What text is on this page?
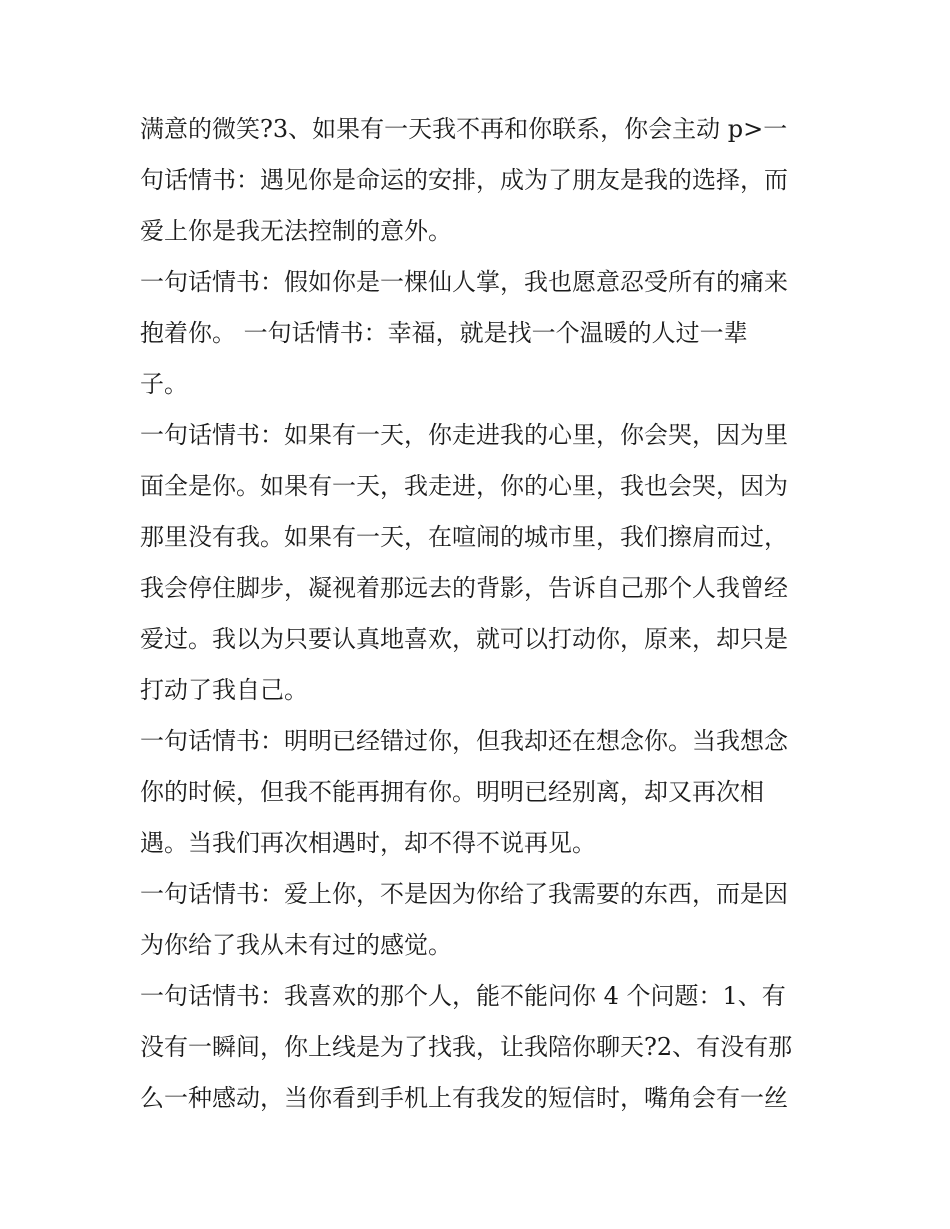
满意的微笑?3、如果有一天我不再和你联系，你会主动 p>一
句话情书：遇见你是命运的安排，成为了朋友是我的选择，而
爱上你是我无法控制的意外。
一句话情书：假如你是一棵仙人掌，我也愿意忍受所有的痛来
抱着你。 一句话情书：幸福，就是找一个温暖的人过一辈
子。
一句话情书：如果有一天，你走进我的心里，你会哭，因为里
面全是你。如果有一天，我走进，你的心里，我也会哭，因为
那里没有我。如果有一天，在喧闹的城市里，我们擦肩而过，
我会停住脚步，凝视着那远去的背影，告诉自己那个人我曾经
爱过。我以为只要认真地喜欢，就可以打动你，原来，却只是
打动了我自己。
一句话情书：明明已经错过你，但我却还在想念你。当我想念
你的时候，但我不能再拥有你。明明已经别离，却又再次相
遇。当我们再次相遇时，却不得不说再见。
一句话情书：爱上你，不是因为你给了我需要的东西，而是因
为你给了我从未有过的感觉。
一句话情书：我喜欢的那个人，能不能问你 4 个问题：1、有
没有一瞬间，你上线是为了找我，让我陪你聊天?2、有没有那
么一种感动，当你看到手机上有我发的短信时，嘴角会有一丝
